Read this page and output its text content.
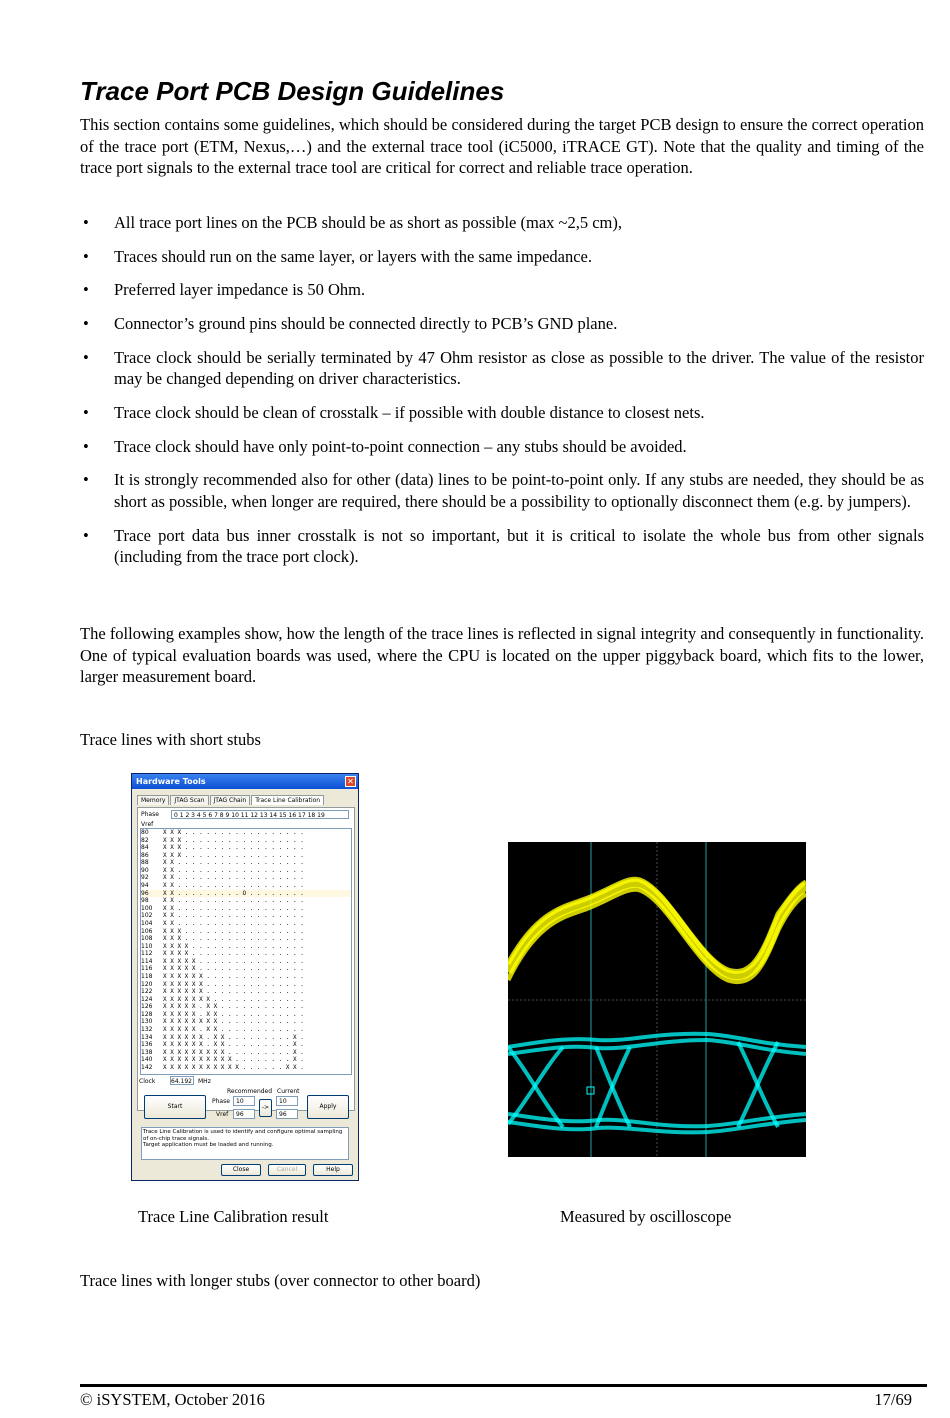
Trace Port PCB Design Guidelines

This section contains some guidelines, which should be considered during the target PCB design to ensure the correct operation of the trace port (ETM, Nexus,…) and the external trace tool (iC5000, iTRACE GT). Note that the quality and timing of the trace port signals to the external trace tool are critical for correct and reliable trace operation.

• All trace port lines on the PCB should be as short as possible (max ~2,5 cm),
• Traces should run on the same layer, or layers with the same impedance.
• Preferred layer impedance is 50 Ohm.
• Connector’s ground pins should be connected directly to PCB’s GND plane.
• Trace clock should be serially terminated by 47 Ohm resistor as close as possible to the driver. The value of the resistor may be changed depending on driver characteristics.
• Trace clock should be clean of crosstalk – if possible with double distance to closest nets.
• Trace clock should have only point-to-point connection – any stubs should be avoided.
• It is strongly recommended also for other (data) lines to be point-to-point only. If any stubs are needed, they should be as short as possible, when longer are required, there should be a possibility to optionally disconnect them (e.g. by jumpers).
• Trace port data bus inner crosstalk is not so important, but it is critical to isolate the whole bus from other signals (including from the trace port clock).

The following examples show, how the length of the trace lines is reflected in signal integrity and consequently in functionality. One of typical evaluation boards was used, where the CPU is located on the upper piggyback board, which fits to the lower, larger measurement board.

Trace lines with short stubs
Hardware Tools	✕
Memory	JTAG Scan	JTAG Chain	Trace Line Calibration
Phase	0 1 2 3 4 5 6 7 8 9 10 11 12 13 14 15 16 17 18 19
Vref
80 X X X . . . . . . . . . . . . . . . . .
82 X X X . . . . . . . . . . . . . . . . .
84 X X X . . . . . . . . . . . . . . . . .
86 X X X . . . . . . . . . . . . . . . . .
88 X X . . . . . . . . . . . . . . . . . .
90 X X . . . . . . . . . . . . . . . . . .
92 X X . . . . . . . . . . . . . . . . . .
94 X X . . . . . . . . . . . . . . . . . .
96 X X . . . . . . . . . O . . . . . . . .
98 X X . . . . . . . . . . . . . . . . . .
100 X X . . . . . . . . . . . . . . . . . .
102 X X . . . . . . . . . . . . . . . . . .
104 X X . . . . . . . . . . . . . . . . . .
106 X X X . . . . . . . . . . . . . . . . .
108 X X X . . . . . . . . . . . . . . . . .
110 X X X X . . . . . . . . . . . . . . . .
112 X X X X . . . . . . . . . . . . . . . .
114 X X X X X . . . . . . . . . . . . . . .
116 X X X X X . . . . . . . . . . . . . . .
118 X X X X X X . . . . . . . . . . . . . .
120 X X X X X X . . . . . . . . . . . . . .
122 X X X X X X . . . . . . . . . . . . . .
124 X X X X X X X . . . . . . . . . . . . .
126 X X X X X . X X . . . . . . . . . . . .
128 X X X X X . X X . . . . . . . . . . . .
130 X X X X X X X X . . . . . . . . . . . .
132 X X X X X . X X . . . . . . . . . . . .
134 X X X X X X . X X . . . . . . . . . X .
136 X X X X X X . X X . . . . . . . . . X .
138 X X X X X X X X X . . . . . . . . . X .
140 X X X X X X X X X X . . . . . . . . X .
142 X X X X X X X X X X X . . . . . . X X .
Clock	64.192	MHz
Recommended Current
Start
Phase	10
Vref	96
->
10
96
Apply
Trace Line Calibration is used to identify and configure optimal sampling of on-chip trace signals.
Target application must be loaded and running.
Close	Cancel	Help
Trace Line Calibration result	Measured by oscilloscope
Trace lines with longer stubs (over connector to other board)
© iSYSTEM, October 2016	17/69
